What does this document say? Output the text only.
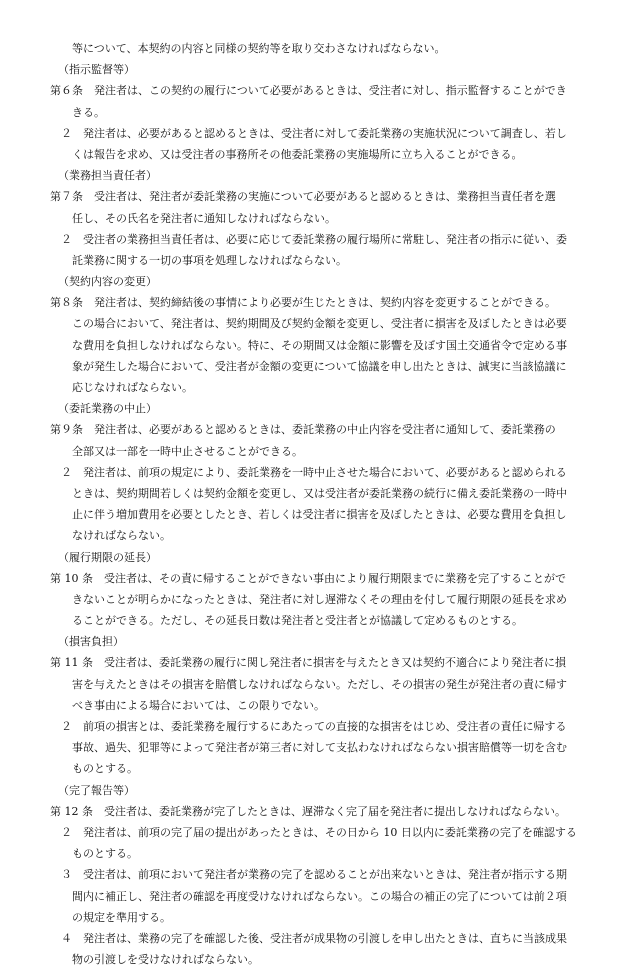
等について、本契約の内容と同様の契約等を取り交わさなければならない。
（指示監督等）
第６条　発注者は、この契約の履行について必要があるときは、受注者に対し、指示監督することができ
きる。
２　発注者は、必要があると認めるときは、受注者に対して委託業務の実施状況について調査し、若し
くは報告を求め、又は受注者の事務所その他委託業務の実施場所に立ち入ることができる。
（業務担当責任者）
第７条　受注者は、発注者が委託業務の実施について必要があると認めるときは、業務担当責任者を選
任し、その氏名を発注者に通知しなければならない。
２　受注者の業務担当責任者は、必要に応じて委託業務の履行場所に常駐し、発注者の指示に従い、委
託業務に関する一切の事項を処理しなければならない。
（契約内容の変更）
第８条　発注者は、契約締結後の事情により必要が生じたときは、契約内容を変更することができる。
この場合において、発注者は、契約期間及び契約金額を変更し、受注者に損害を及ぼしたときは必要
な費用を負担しなければならない。特に、その期間又は金額に影響を及ぼす国土交通省令で定める事
象が発生した場合において、受注者が金額の変更について協議を申し出たときは、誠実に当該協議に
応じなければならない。
（委託業務の中止）
第９条　発注者は、必要があると認めるときは、委託業務の中止内容を受注者に通知して、委託業務の
全部又は一部を一時中止させることができる。
２　発注者は、前項の規定により、委託業務を一時中止させた場合において、必要があると認められる
ときは、契約期間若しくは契約金額を変更し、又は受注者が委託業務の続行に備え委託業務の一時中
止に伴う増加費用を必要としたとき、若しくは受注者に損害を及ぼしたときは、必要な費用を負担し
なければならない。
（履行期限の延長）
第 10 条　受注者は、その責に帰することができない事由により履行期限までに業務を完了することがで
きないことが明らかになったときは、発注者に対し遅滞なくその理由を付して履行期限の延長を求め
ることができる。ただし、その延長日数は発注者と受注者とが協議して定めるものとする。
（損害負担）
第 11 条　受注者は、委託業務の履行に関し発注者に損害を与えたとき又は契約不適合により発注者に損
害を与えたときはその損害を賠償しなければならない。ただし、その損害の発生が発注者の責に帰す
べき事由による場合においては、この限りでない。
２　前項の損害とは、委託業務を履行するにあたっての直接的な損害をはじめ、受注者の責任に帰する
事故、過失、犯罪等によって発注者が第三者に対して支払わなければならない損害賠償等一切を含む
ものとする。
（完了報告等）
第 12 条　受注者は、委託業務が完了したときは、遅滞なく完了届を発注者に提出しなければならない。
２　発注者は、前項の完了届の提出があったときは、その日から 10 日以内に委託業務の完了を確認する
ものとする。
３　受注者は、前項において発注者が業務の完了を認めることが出来ないときは、発注者が指示する期
間内に補正し、発注者の確認を再度受けなければならない。この場合の補正の完了については前２項
の規定を準用する。
４　発注者は、業務の完了を確認した後、受注者が成果物の引渡しを申し出たときは、直ちに当該成果
物の引渡しを受けなければならない。
